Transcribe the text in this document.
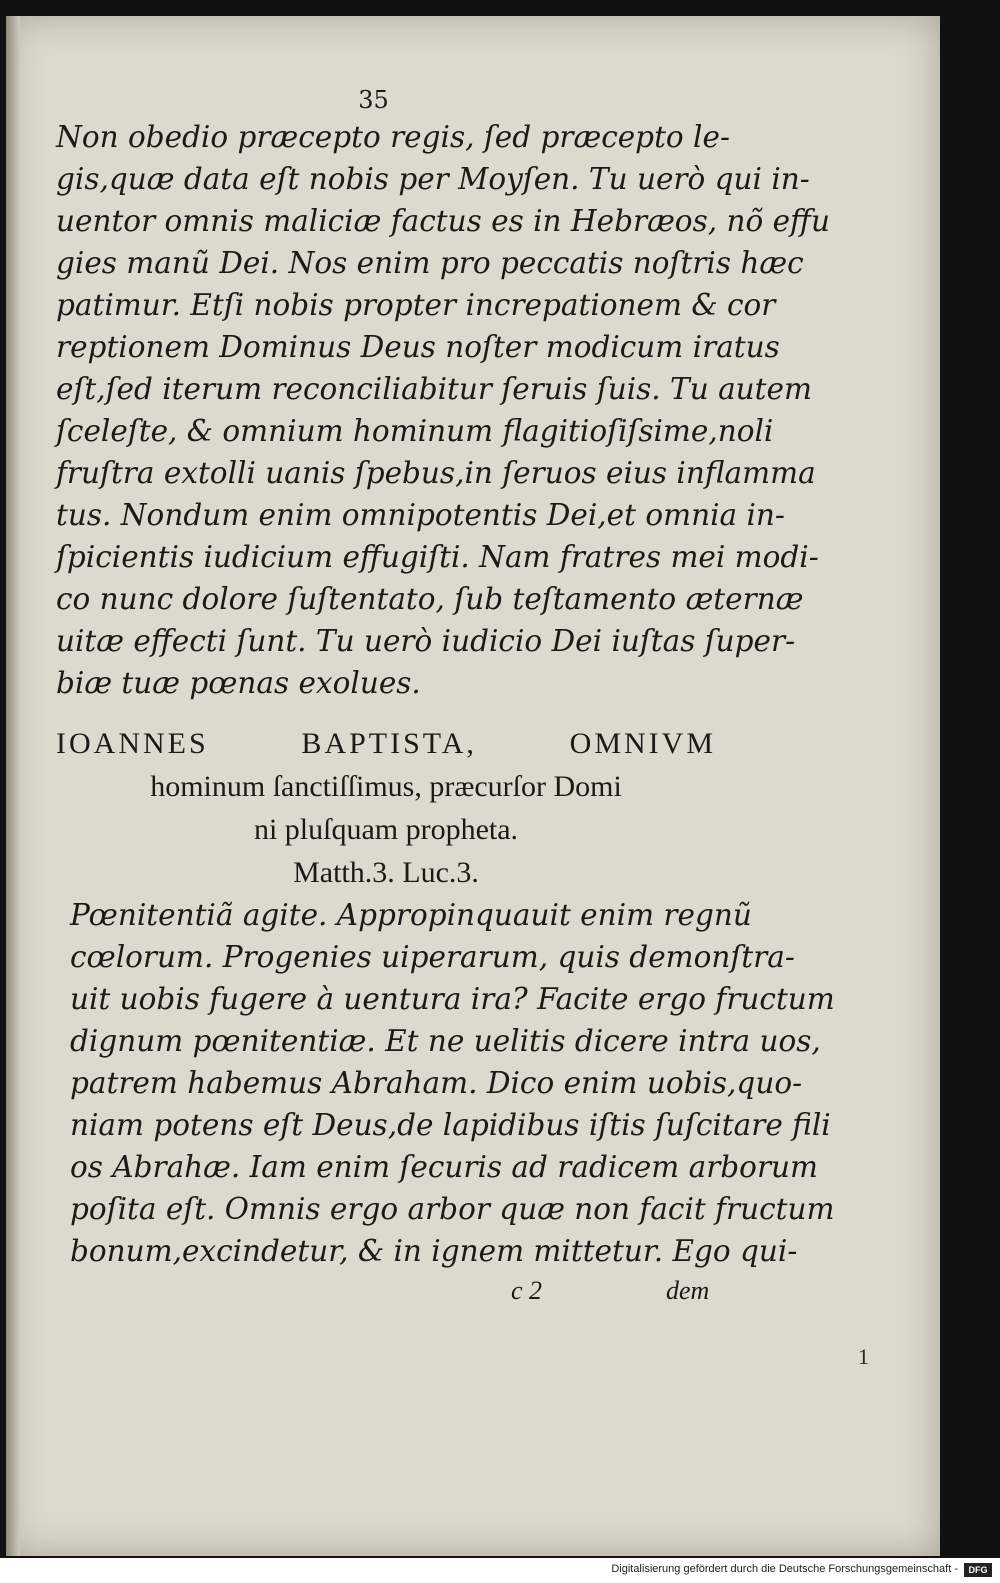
35

Non obedio præcepto regis, ſed præcepto le-

gis,quæ data eſt nobis per Moyſen. Tu uerò qui in-

uentor omnis maliciæ factus es in Hebræos, nõ effu

gies manũ Dei. Nos enim pro peccatis noſtris hæc

patimur. Etſi nobis propter increpationem & cor

reptionem Dominus Deus noſter modicum iratus

eſt,ſed iterum reconciliabitur ſeruis ſuis. Tu autem

ſceleſte, & omnium hominum flagitioſiſsime,noli

fruſtra extolli uanis ſpebus,in ſeruos eius inflamma

tus. Nondum enim omnipotentis Dei,et omnia in-

ſpicientis iudicium effugiſti. Nam fratres mei modi-

co nunc dolore ſuſtentato, ſub teſtamento æternæ

uitæ effecti ſunt. Tu uerò iudicio Dei iuſtas ſuper-

biæ tuæ pœnas exolues.

IOANNES BAPTISTA, OMNIVM

hominum ſanctiſſimus, præcurſor Domi

ni pluſquam propheta.

Matth.3. Luc.3.

Pœnitentiã agite. Appropinquauit enim regnũ

cœlorum. Progenies uiperarum, quis demonſtra-

uit uobis fugere à uentura ira? Facite ergo fructum

dignum pœnitentiæ. Et ne uelitis dicere intra uos,

patrem habemus Abraham. Dico enim uobis,quo-

niam potens eſt Deus,de lapidibus iſtis ſuſcitare fili

os Abrahæ. Iam enim ſecuris ad radicem arborum

poſita eſt. Omnis ergo arbor quæ non facit fructum

bonum,excindetur, & in ignem mittetur. Ego qui-

c 2	dem
1
Digitalisierung gefördert durch die Deutsche Forschungsgemeinschaft -	DFG
